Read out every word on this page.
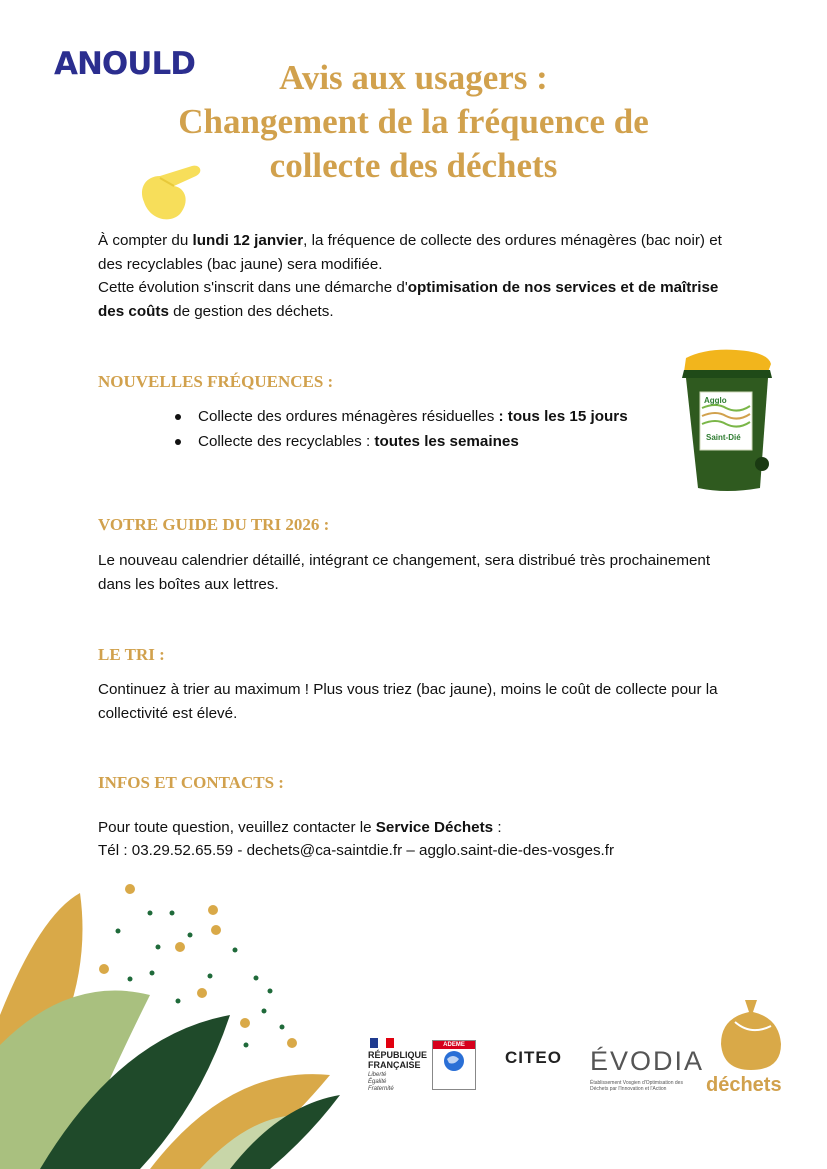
ANOULD	Avis aux usagers :
Changement de la fréquence de
collecte des déchets
À compter du lundi 12 janvier, la fréquence de collecte des ordures ménagères (bac noir) et des recyclables (bac jaune) sera modifiée.
Cette évolution s'inscrit dans une démarche d'optimisation de nos services et de maîtrise des coûts de gestion des déchets.
NOUVELLES FRÉQUENCES :
Collecte des ordures ménagères résiduelles : tous les 15 jours
Collecte des recyclables : toutes les semaines
Agglo
Saint-Dié
VOTRE GUIDE DU TRI 2026 :
Le nouveau calendrier détaillé, intégrant ce changement, sera distribué très prochainement dans les boîtes aux lettres.
LE TRI :
Continuez à trier au maximum ! Plus vous triez (bac jaune), moins le coût de collecte pour la collectivité est élevé.
INFOS ET CONTACTS :
Pour toute question, veuillez contacter le Service Déchets :
Tél : 03.29.52.65.59 - dechets@ca-saintdie.fr – agglo.saint-die-des-vosges.fr
RÉPUBLIQUE
FRANÇAISE
Liberté
Égalité
Fraternité
ADEME
CITEO ÉVODIA
Établissement Vosgien d'Optimisation des Déchets par l'Innovation et l'Action	déchets
